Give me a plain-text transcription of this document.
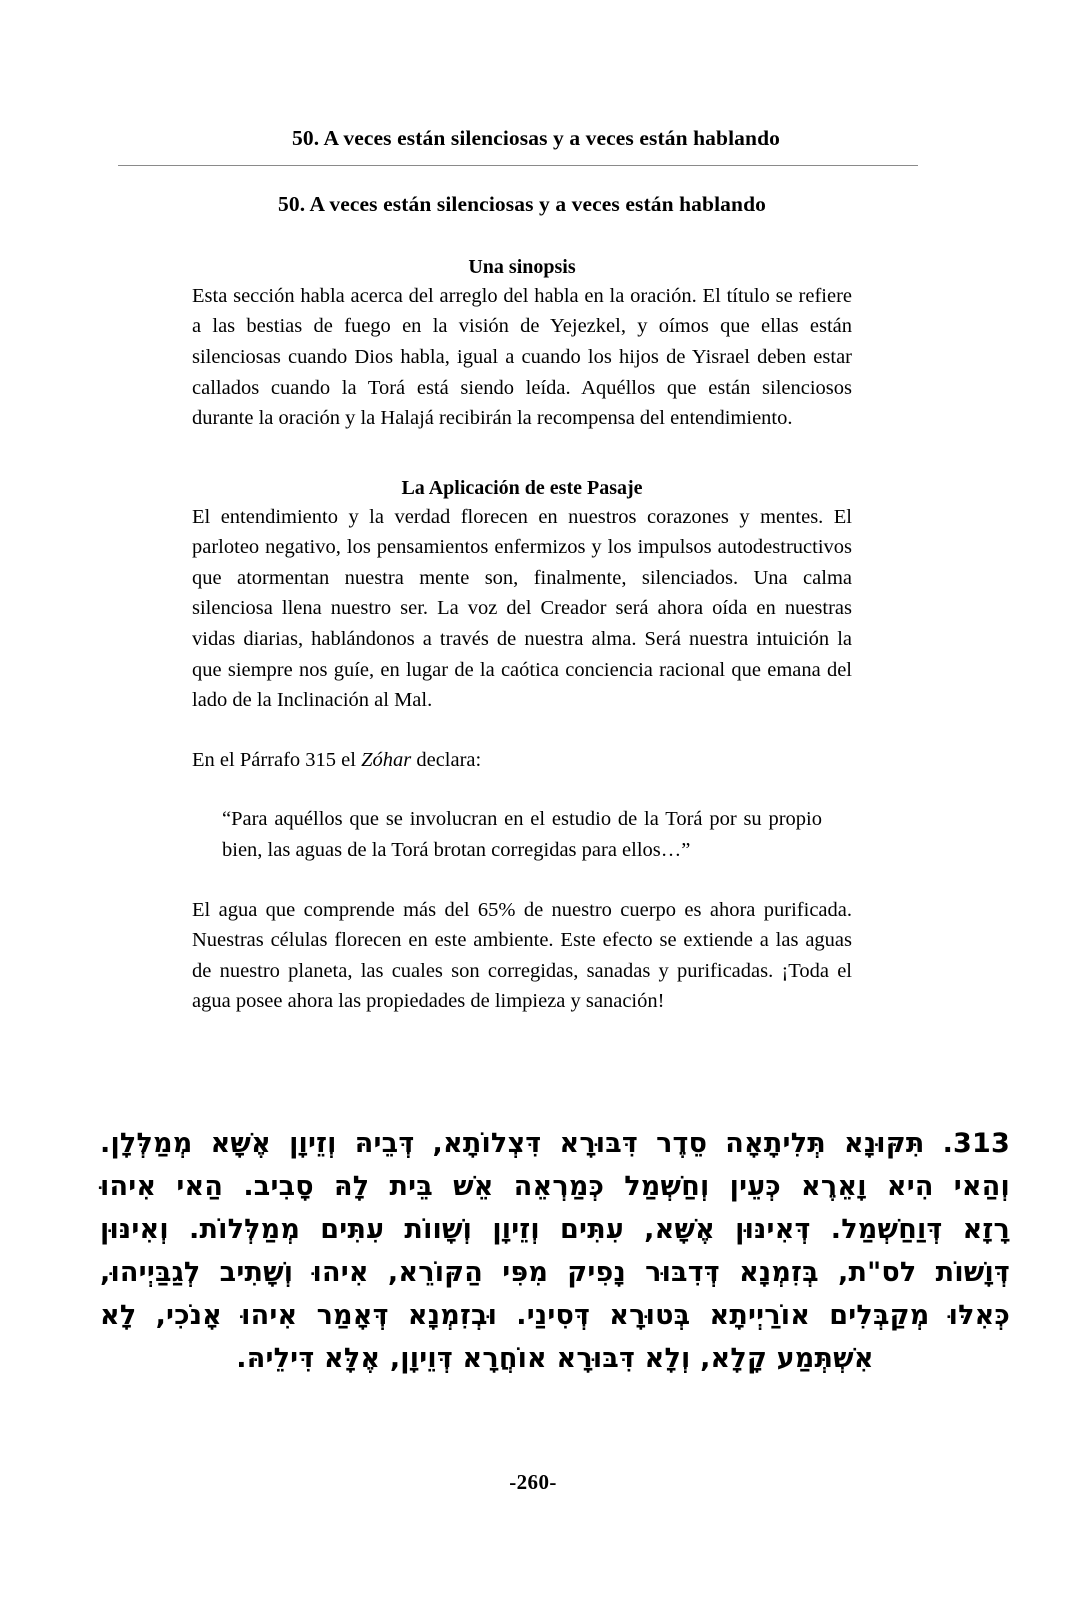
50. A veces están silenciosas y a veces están hablando
50. A veces están silenciosas y a veces están hablando
Una sinopsis

Esta sección habla acerca del arreglo del habla en la oración. El título se refiere a las bestias de fuego en la visión de Yejezkel, y oímos que ellas están silenciosas cuando Dios habla, igual a cuando los hijos de Yisrael deben estar callados cuando la Torá está siendo leída. Aquéllos que están silenciosos durante la oración y la Halajá recibirán la recompensa del entendimiento.

La Aplicación de este Pasaje

El entendimiento y la verdad florecen en nuestros corazones y mentes. El parloteo negativo, los pensamientos enfermizos y los impulsos autodestructivos que atormentan nuestra mente son, finalmente, silenciados. Una calma silenciosa llena nuestro ser. La voz del Creador será ahora oída en nuestras vidas diarias, hablándonos a través de nuestra alma. Será nuestra intuición la que siempre nos guíe, en lugar de la caótica conciencia racional que emana del lado de la Inclinación al Mal.

En el Párrafo 315 el Zóhar declara:

“Para aquéllos que se involucran en el estudio de la Torá por su propio bien, las aguas de la Torá brotan corregidas para ellos…”

El agua que comprende más del 65% de nuestro cuerpo es ahora purificada. Nuestras células florecen en este ambiente. Este efecto se extiende a las aguas de nuestro planeta, las cuales son corregidas, sanadas y purificadas. ¡Toda el agua posee ahora las propiedades de limpieza y sanación!

313. תִּקּוּנָא תְּלִיתָאָה סֵדֶר דִּבּוּרָא דִּצְלוֹתָא, דְּבֵיהּ וְזֵיוָן אֶשָּׁא מְמַלְּלָן.
וְהַאי הִיא וָאֵרֶא כְּעֵין וְחַשְׁמַל כְּמַרְאֵה אֵשׁ בֵּית לָהּ סָבִיב. הַאי אִיהוּ
רָזָא דְּוַחַשְׁמַל. דְּאִינּוּן אֶשָּׁא, עִתִּים וְזֵיוָן וְשָׁווֹת עִתִּים מְמַלְּלוֹת. וְאִינּוּן
דְּוָשׁוֹת לס"ת, בְּזִמְנָא דְּדִבּוּר נָפִיק מִפִּי הַקּוֹרֵא, אִיהוּ וְשָׁתִיב לְגַבַּיְיהוּ,
כְּאִלּוּ מְקַבְּלִים אוֹרַיְיתָא בְּטוּרָא דְּסִינַי. וּבְזִמְנָא דְּאָמַר אִיהוּ אָנֹכִי, לָא
אִשְׁתְּמַע קָלָא, וְלָא דִּבּוּרָא אוֹחֲרָא דְּוֵיוָן, אֶלָּא דִּילֵיהּ.
-260-
